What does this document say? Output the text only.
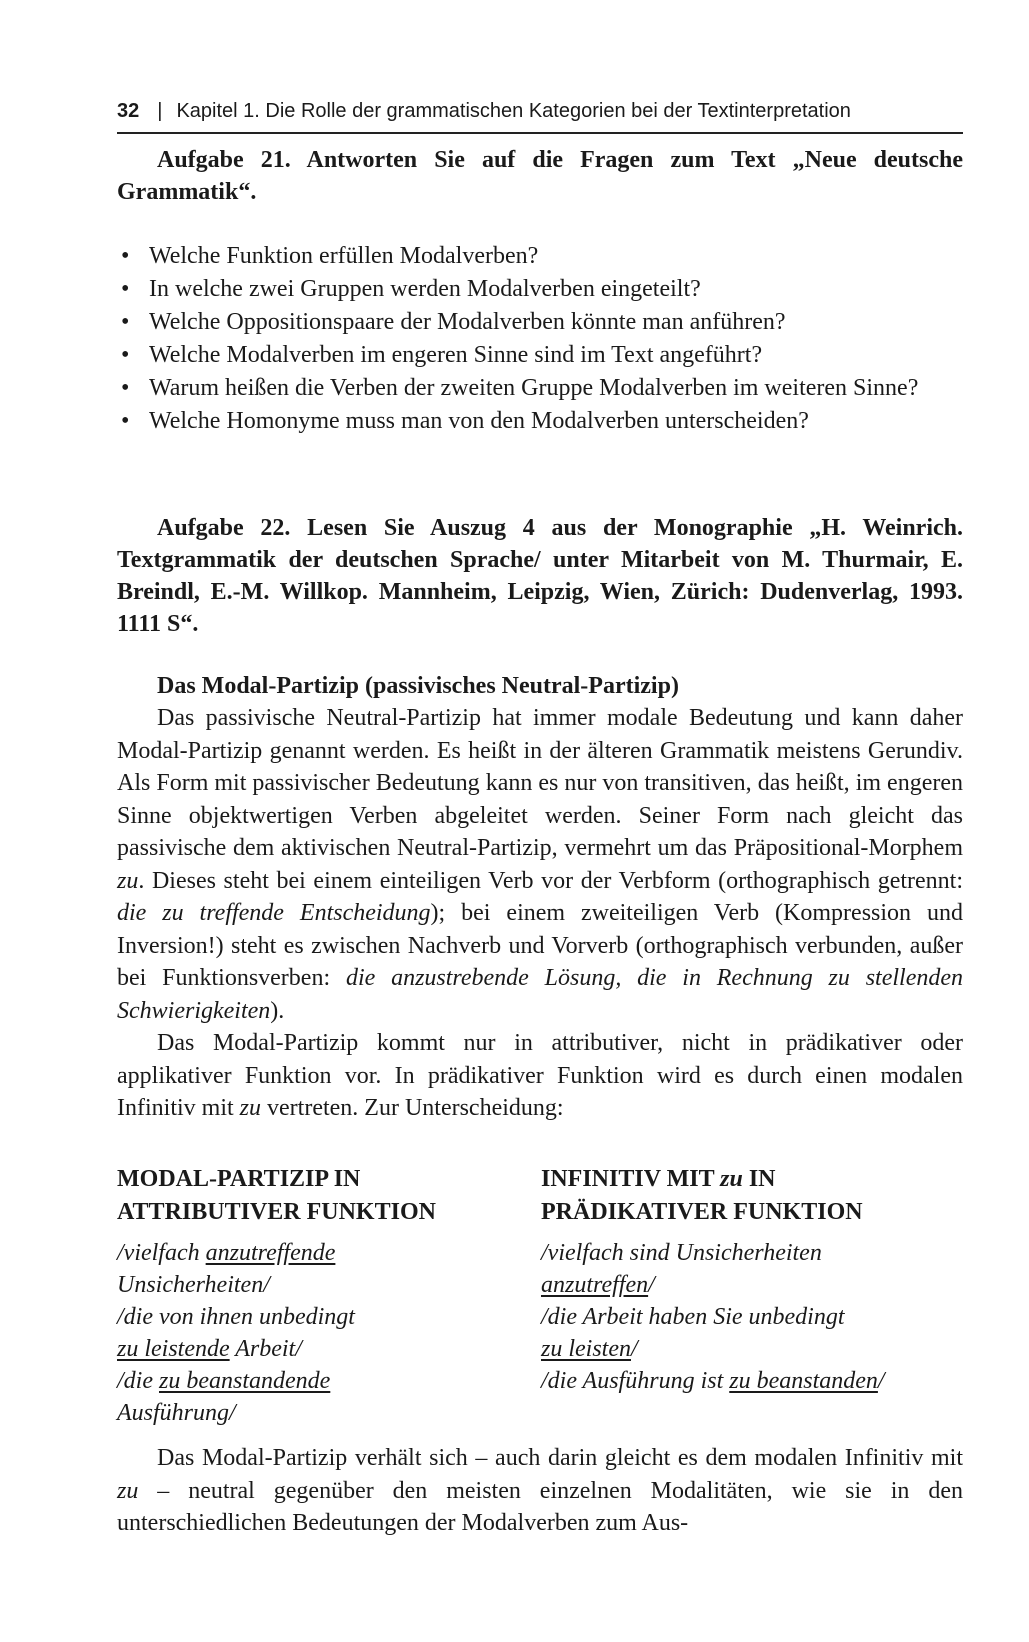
32 | Kapitel 1. Die Rolle der grammatischen Kategorien bei der Textinterpretation
Aufgabe 21. Antworten Sie auf die Fragen zum Text „Neue deutsche Grammatik“.
• Welche Funktion erfüllen Modalverben?
• In welche zwei Gruppen werden Modalverben eingeteilt?
• Welche Oppositionspaare der Modalverben könnte man anführen?
• Welche Modalverben im engeren Sinne sind im Text angeführt?
• Warum heißen die Verben der zweiten Gruppe Modalverben im weiteren Sinne?
• Welche Homonyme muss man von den Modalverben unterscheiden?
Aufgabe 22. Lesen Sie Auszug 4 aus der Monographie „H. Weinrich. Textgrammatik der deutschen Sprache/ unter Mitarbeit von M. Thurmair, E. Breindl, E.-M. Willkop. Mannheim, Leipzig, Wien, Zürich: Dudenverlag, 1993. 1111 S“.
Das Modal-Partizip (passivisches Neutral-Partizip)

Das passivische Neutral-Partizip hat immer modale Bedeutung und kann daher Modal-Partizip genannt werden. Es heißt in der älteren Grammatik meistens Gerundiv. Als Form mit passivischer Bedeutung kann es nur von transitiven, das heißt, im engeren Sinne objektwertigen Verben abgeleitet werden. Seiner Form nach gleicht das passivische dem aktivischen Neutral-Partizip, vermehrt um das Präpositional-Morphem zu. Dieses steht bei einem einteiligen Verb vor der Verbform (orthographisch getrennt: die zu treffende Entscheidung); bei einem zweiteiligen Verb (Kompression und Inversion!) steht es zwischen Nachverb und Vorverb (orthographisch verbunden, außer bei Funktionsverben: die anzustrebende Lösung, die in Rechnung zu stellenden Schwierigkeiten).

Das Modal-Partizip kommt nur in attributiver, nicht in prädikativer oder applikativer Funktion vor. In prädikativer Funktion wird es durch einen modalen Infinitiv mit zu vertreten. Zur Unterscheidung:

MODAL-PARTIZIP IN
ATTRIBUTIVER FUNKTION
/vielfach anzutreffende
Unsicherheiten/
/die von ihnen unbedingt
zu leistende Arbeit/
/die zu beanstandende
Ausführung/
INFINITIV MIT zu IN
PRÄDIKATIVER FUNKTION
/vielfach sind Unsicherheiten
anzutreffen/
/die Arbeit haben Sie unbedingt
zu leisten/
/die Ausführung ist zu beanstanden/

Das Modal-Partizip verhält sich – auch darin gleicht es dem modalen Infinitiv mit zu – neutral gegenüber den meisten einzelnen Modalitäten, wie sie in den unterschiedlichen Bedeutungen der Modalverben zum Aus-
